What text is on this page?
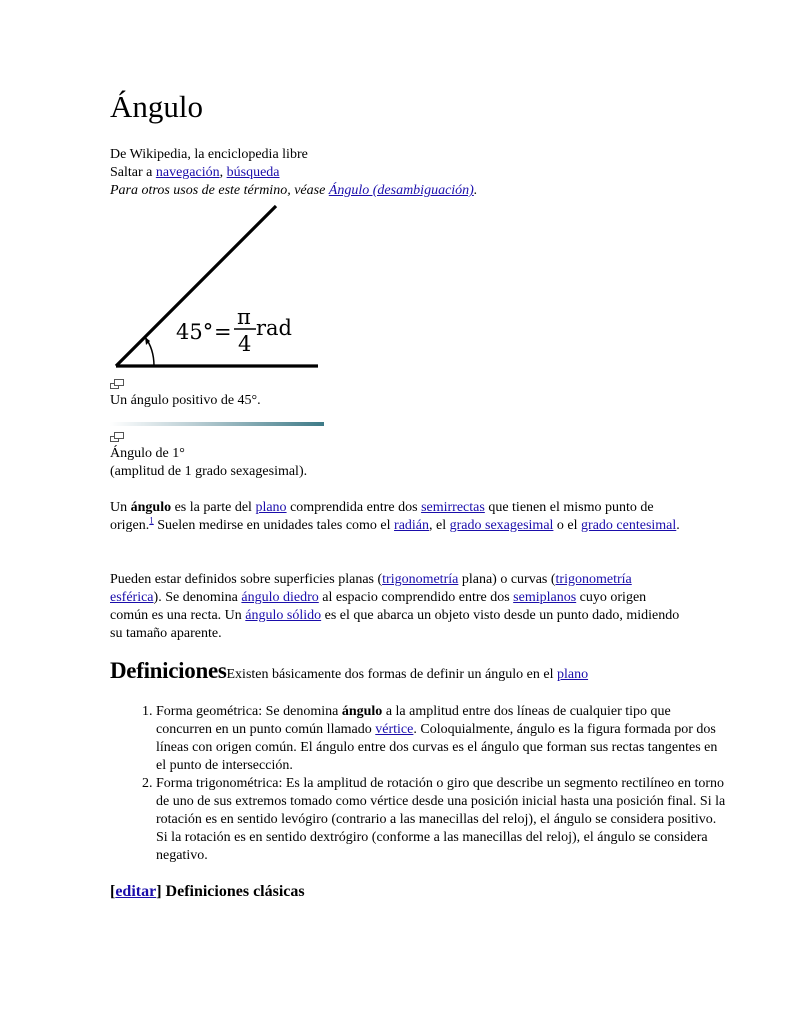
Ángulo
De Wikipedia, la enciclopedia libre
Saltar a navegación, búsqueda
Para otros usos de este término, véase Ángulo (desambiguación).
45° =
π
4
rad
Un ángulo positivo de 45°.
Ángulo de 1°
(amplitud de 1 grado sexagesimal).

Un ángulo es la parte del plano comprendida entre dos semirrectas que tienen el mismo punto de origen.$^1$ Suelen medirse en unidades tales como el radián, el grado sexagesimal o el grado centesimal.

Pueden estar definidos sobre superficies planas (trigonometría plana) o curvas (trigonometría esférica). Se denomina ángulo diedro al espacio comprendido entre dos semiplanos cuyo origen común es una recta. Un ángulo sólido es el que abarca un objeto visto desde un punto dado, midiendo su tamaño aparente.

DefinicionesExisten básicamente dos formas de definir un ángulo en el plano
1. Forma geométrica: Se denomina ángulo a la amplitud entre dos líneas de cualquier tipo que concurren en un punto común llamado vértice. Coloquialmente, ángulo es la figura formada por dos líneas con origen común. El ángulo entre dos curvas es el ángulo que forman sus rectas tangentes en el punto de intersección.
2. Forma trigonométrica: Es la amplitud de rotación o giro que describe un segmento rectilíneo en torno de uno de sus extremos tomado como vértice desde una posición inicial hasta una posición final. Si la rotación es en sentido levógiro (contrario a las manecillas del reloj), el ángulo se considera positivo. Si la rotación es en sentido dextrógiro (conforme a las manecillas del reloj), el ángulo se considera negativo.
[editar] Definiciones clásicas
